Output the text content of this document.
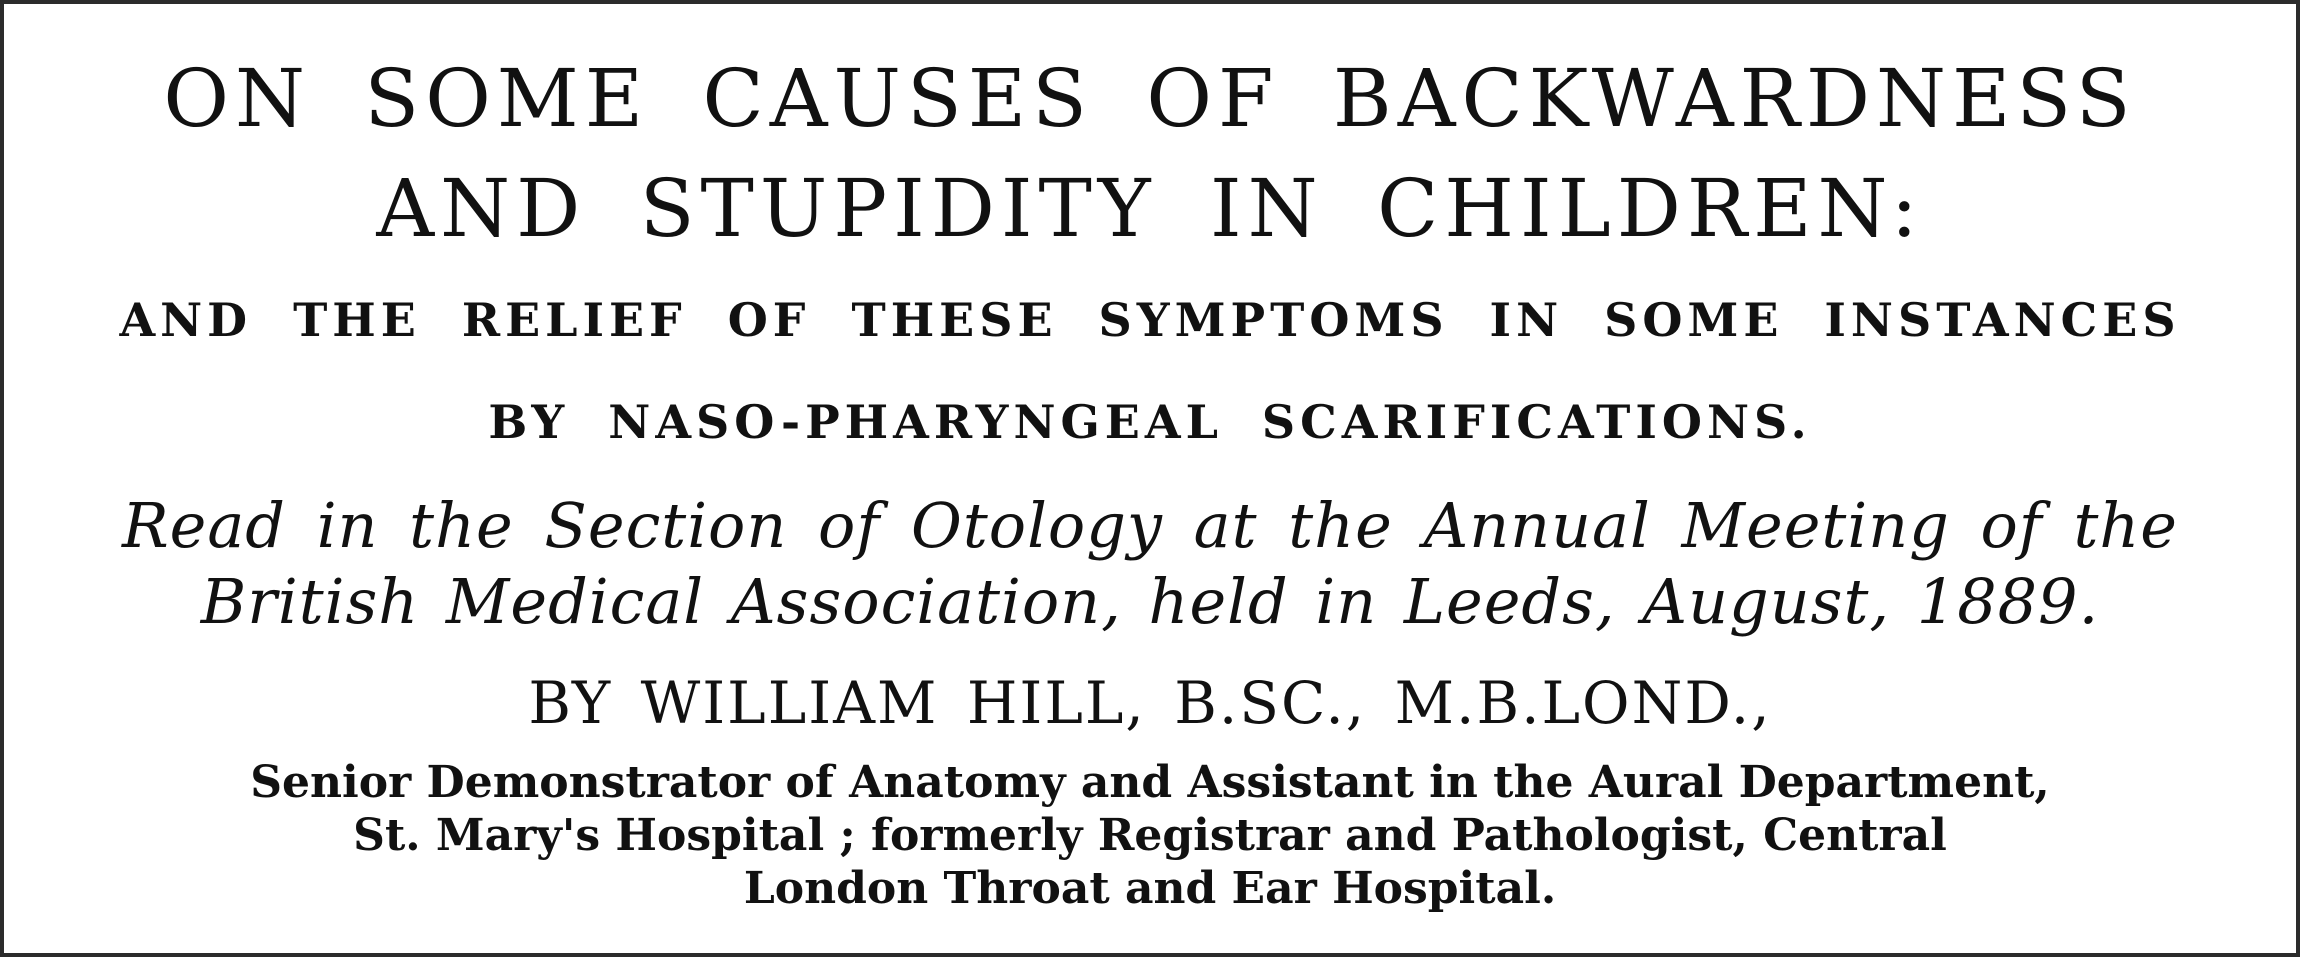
ON SOME CAUSES OF BACKWARDNESS
AND STUPIDITY IN CHILDREN:
AND THE RELIEF OF THESE SYMPTOMS IN SOME INSTANCES
BY NASO-PHARYNGEAL SCARIFICATIONS.
Read in the Section of Otology at the Annual Meeting of the
British Medical Association, held in Leeds, August, 1889.
BY WILLIAM HILL, B.SC., M.B.LOND.,
Senior Demonstrator of Anatomy and Assistant in the Aural Department,
St. Mary's Hospital ; formerly Registrar and Pathologist, Central
London Throat and Ear Hospital.
